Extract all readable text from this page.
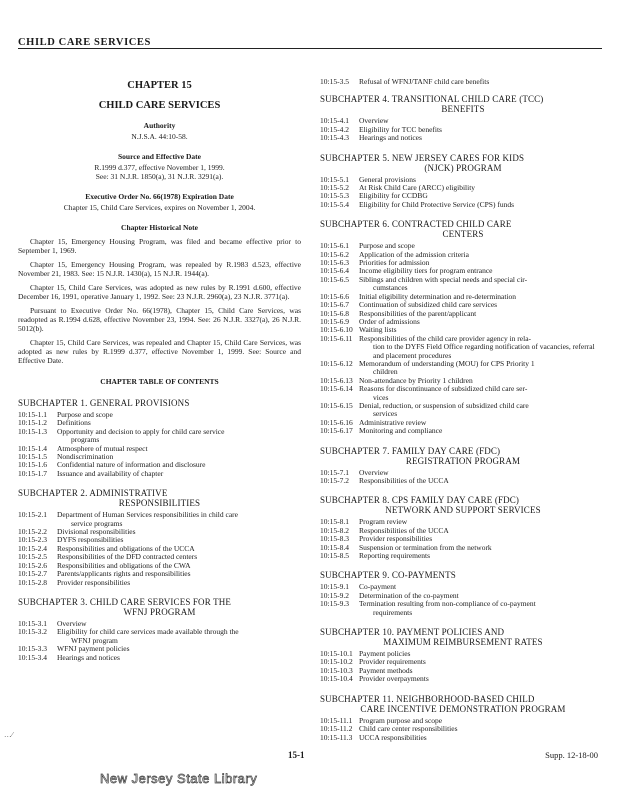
CHILD CARE SERVICES
CHAPTER 15
CHILD CARE SERVICES
Authority
N.J.S.A. 44:10-58.
Source and Effective Date
R.1999 d.377, effective November 1, 1999.
See: 31 N.J.R. 1850(a), 31 N.J.R. 3291(a).
Executive Order No. 66(1978) Expiration Date
Chapter 15, Child Care Services, expires on November 1, 2004.
Chapter Historical Note

Chapter 15, Emergency Housing Program, was filed and became effective prior to September 1, 1969.

Chapter 15, Emergency Housing Program, was repealed by R.1983 d.523, effective November 21, 1983. See: 15 N.J.R. 1430(a), 15 N.J.R. 1944(a).

Chapter 15, Child Care Services, was adopted as new rules by R.1991 d.600, effective December 16, 1991, operative January 1, 1992. See: 23 N.J.R. 2960(a), 23 N.J.R. 3771(a).

Pursuant to Executive Order No. 66(1978), Chapter 15, Child Care Services, was readopted as R.1994 d.628, effective November 23, 1994. See: 26 N.J.R. 3327(a), 26 N.J.R. 5012(b).

Chapter 15, Child Care Services, was repealed and Chapter 15, Child Care Services, was adopted as new rules by R.1999 d.377, effective November 1, 1999. See: Source and Effective Date.

CHAPTER TABLE OF CONTENTS
SUBCHAPTER 1. GENERAL PROVISIONS
10:15-1.1	Purpose and scope
10:15-1.2	Definitions
10:15-1.3	Opportunity and decision to apply for child care service
programs
10:15-1.4	Atmosphere of mutual respect
10:15-1.5	Nondiscrimination
10:15-1.6	Confidential nature of information and disclosure
10:15-1.7	Issuance and availability of chapter
SUBCHAPTER 2. ADMINISTRATIVE
RESPONSIBILITIES
10:15-2.1	Department of Human Services responsibilities in child care
service programs
10:15-2.2	Divisional responsibilities
10:15-2.3	DYFS responsibilities
10:15-2.4	Responsibilities and obligations of the UCCA
10:15-2.5	Responsibilities of the DFD contracted centers
10:15-2.6	Responsibilities and obligations of the CWA
10:15-2.7	Parents/applicants rights and responsibilities
10:15-2.8	Provider responsibilities
SUBCHAPTER 3. CHILD CARE SERVICES FOR THE
WFNJ PROGRAM
10:15-3.1	Overview
10:15-3.2	Eligibility for child care services made available through the
WFNJ program
10:15-3.3	WFNJ payment policies
10:15-3.4	Hearings and notices
10:15-3.5	Refusal of WFNJ/TANF child care benefits
SUBCHAPTER 4. TRANSITIONAL CHILD CARE (TCC)
BENEFITS
10:15-4.1	Overview
10:15-4.2	Eligibility for TCC benefits
10:15-4.3	Hearings and notices
SUBCHAPTER 5. NEW JERSEY CARES FOR KIDS
(NJCK) PROGRAM
10:15-5.1	General provisions
10:15-5.2	At Risk Child Care (ARCC) eligibility
10:15-5.3	Eligibility for CCDBG
10:15-5.4	Eligibility for Child Protective Service (CPS) funds
SUBCHAPTER 6. CONTRACTED CHILD CARE
CENTERS
10:15-6.1	Purpose and scope
10:15-6.2	Application of the admission criteria
10:15-6.3	Priorities for admission
10:15-6.4	Income eligibility tiers for program entrance
10:15-6.5	Siblings and children with special needs and special cir-
cumstances
10:15-6.6	Initial eligibility determination and re-determination
10:15-6.7	Continuation of subsidized child care services
10:15-6.8	Responsibilities of the parent/applicant
10:15-6.9	Order of admissions
10:15-6.10 Waiting lists
10:15-6.11 Responsibilities of the child care provider agency in rela-
tion to the DYFS Field Office regarding notification of vacancies, referral and placement procedures
10:15-6.12 Memorandum of understanding (MOU) for CPS Priority 1
children
10:15-6.13 Non-attendance by Priority 1 children
10:15-6.14 Reasons for discontinuance of subsidized child care ser-
vices
10:15-6.15 Denial, reduction, or suspension of subsidized child care
services
10:15-6.16 Administrative review
10:15-6.17 Monitoring and compliance
SUBCHAPTER 7. FAMILY DAY CARE (FDC)
REGISTRATION PROGRAM
10:15-7.1	Overview
10:15-7.2	Responsibilities of the UCCA
SUBCHAPTER 8. CPS FAMILY DAY CARE (FDC)
NETWORK AND SUPPORT SERVICES
10:15-8.1	Program review
10:15-8.2	Responsibilities of the UCCA
10:15-8.3	Provider responsibilities
10:15-8.4	Suspension or termination from the network
10:15-8.5	Reporting requirements
SUBCHAPTER 9. CO-PAYMENTS
10:15-9.1	Co-payment
10:15-9.2	Determination of the co-payment
10:15-9.3	Termination resulting from non-compliance of co-payment
requirements
SUBCHAPTER 10. PAYMENT POLICIES AND
MAXIMUM REIMBURSEMENT RATES
10:15-10.1 Payment policies
10:15-10.2 Provider requirements
10:15-10.3 Payment methods
10:15-10.4 Provider overpayments
SUBCHAPTER 11. NEIGHBORHOOD-BASED CHILD
CARE INCENTIVE DEMONSTRATION PROGRAM
10:15-11.1 Program purpose and scope
10:15-11.2 Child care center responsibilities
10:15-11.3 UCCA responsibilities
…⁄
15-1	Supp. 12-18-00
New Jersey State Library
